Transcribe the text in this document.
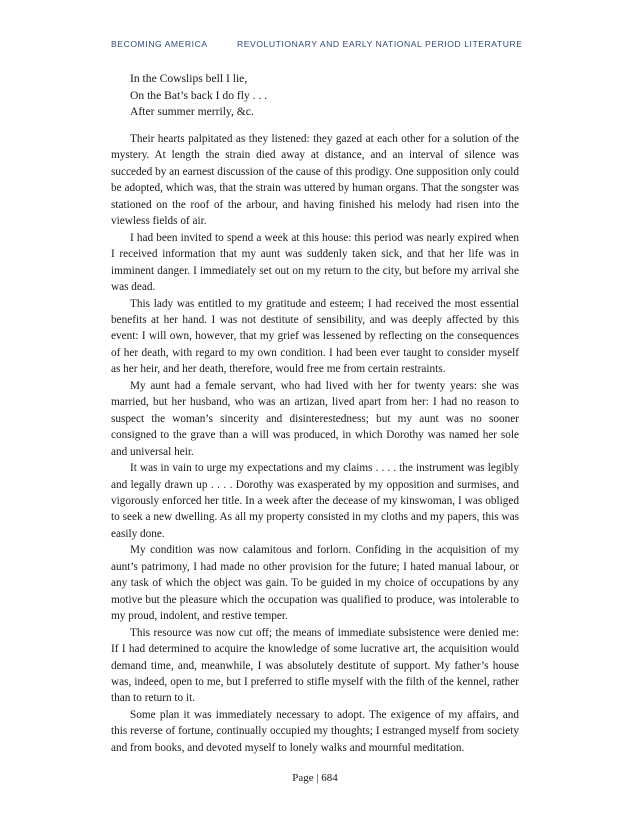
BECOMING AMERICA	REVOLUTIONARY AND EARLY NATIONAL PERIOD LITERATURE
In the Cowslips bell I lie,
On the Bat’s back I do fly . . .
After summer merrily, &c.

Their hearts palpitated as they listened: they gazed at each other for a solution of the mystery. At length the strain died away at distance, and an interval of silence was succeded by an earnest discussion of the cause of this prodigy. One supposition only could be adopted, which was, that the strain was uttered by human organs. That the songster was stationed on the roof of the arbour, and having finished his melody had risen into the viewless fields of air.

I had been invited to spend a week at this house: this period was nearly expired when I received information that my aunt was suddenly taken sick, and that her life was in imminent danger. I immediately set out on my return to the city, but before my arrival she was dead.

This lady was entitled to my gratitude and esteem; I had received the most essential benefits at her hand. I was not destitute of sensibility, and was deeply affected by this event: I will own, however, that my grief was lessened by reflecting on the consequences of her death, with regard to my own condition. I had been ever taught to consider myself as her heir, and her death, therefore, would free me from certain restraints.

My aunt had a female servant, who had lived with her for twenty years: she was married, but her husband, who was an artizan, lived apart from her: I had no reason to suspect the woman’s sincerity and disinterestedness; but my aunt was no sooner consigned to the grave than a will was produced, in which Dorothy was named her sole and universal heir.

It was in vain to urge my expectations and my claims . . . . the instrument was legibly and legally drawn up . . . . Dorothy was exasperated by my opposition and surmises, and vigorously enforced her title. In a week after the decease of my kinswoman, I was obliged to seek a new dwelling. As all my property consisted in my cloths and my papers, this was easily done.

My condition was now calamitous and forlorn. Confiding in the acquisition of my aunt’s patrimony, I had made no other provision for the future; I hated manual labour, or any task of which the object was gain. To be guided in my choice of occupations by any motive but the pleasure which the occupation was qualified to produce, was intolerable to my proud, indolent, and restive temper.

This resource was now cut off; the means of immediate subsistence were denied me: If I had determined to acquire the knowledge of some lucrative art, the acquisition would demand time, and, meanwhile, I was absolutely destitute of support. My father’s house was, indeed, open to me, but I preferred to stifle myself with the filth of the kennel, rather than to return to it.

Some plan it was immediately necessary to adopt. The exigence of my affairs, and this reverse of fortune, continually occupied my thoughts; I estranged myself from society and from books, and devoted myself to lonely walks and mournful meditation.

Page | 684
